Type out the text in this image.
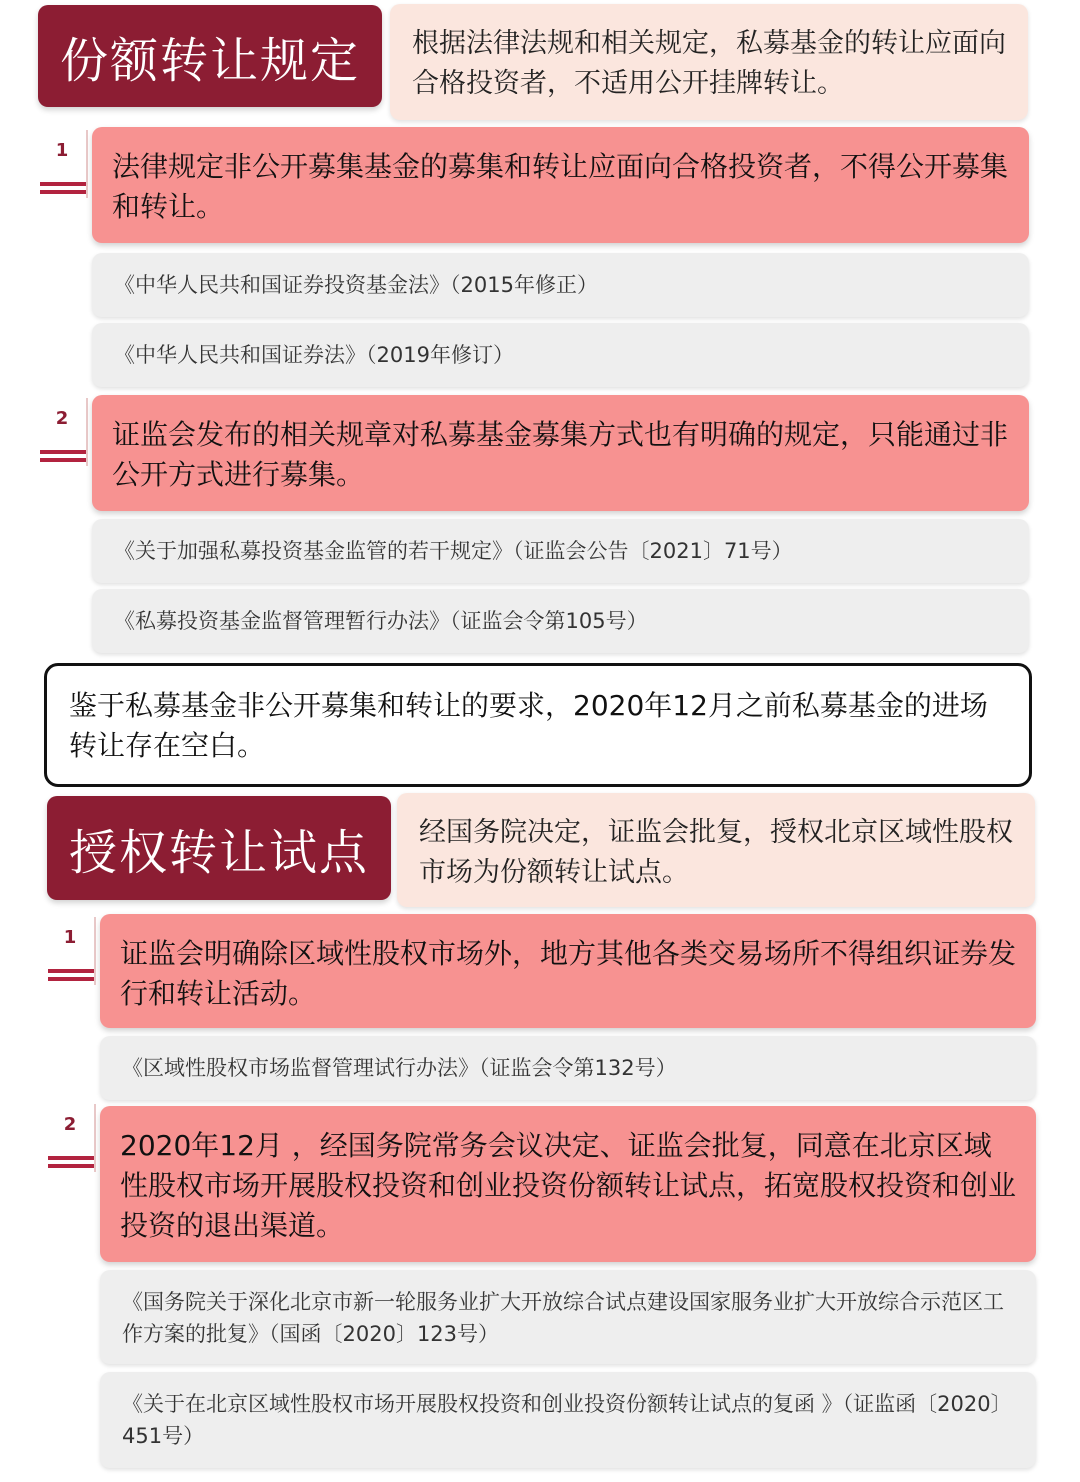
份额转让规定	根据法律法规和相关规定，私募基金的转让应面向合格投资者，不适用公开挂牌转让。
1	法律规定非公开募集基金的募集和转让应面向合格投资者，不得公开募集和转让。
《中华人民共和国证券投资基金法》（2015年修正）
《中华人民共和国证券法》（2019年修订）
2	证监会发布的相关规章对私募基金募集方式也有明确的规定，只能通过非公开方式进行募集。
《关于加强私募投资基金监管的若干规定》（证监会公告〔2021〕71号）
《私募投资基金监督管理暂行办法》（证监会令第105号）
鉴于私募基金非公开募集和转让的要求，2020年12月之前私募基金的进场转让存在空白。
授权转让试点	经国务院决定，证监会批复，授权北京区域性股权市场为份额转让试点。
1	证监会明确除区域性股权市场外，地方其他各类交易场所不得组织证券发行和转让活动。
《区域性股权市场监督管理试行办法》（证监会令第132号）
2
2020年12月 ，经国务院常务会议决定、证监会批复，同意在北京区域性股权市场开展股权投资和创业投资份额转让试点，拓宽股权投资和创业投资的退出渠道。
《国务院关于深化北京市新一轮服务业扩大开放综合试点建设国家服务业扩大开放综合示范区工作方案的批复》（国函〔2020〕123号）
《关于在北京区域性股权市场开展股权投资和创业投资份额转让试点的复函 》（证监函〔2020〕451号）
